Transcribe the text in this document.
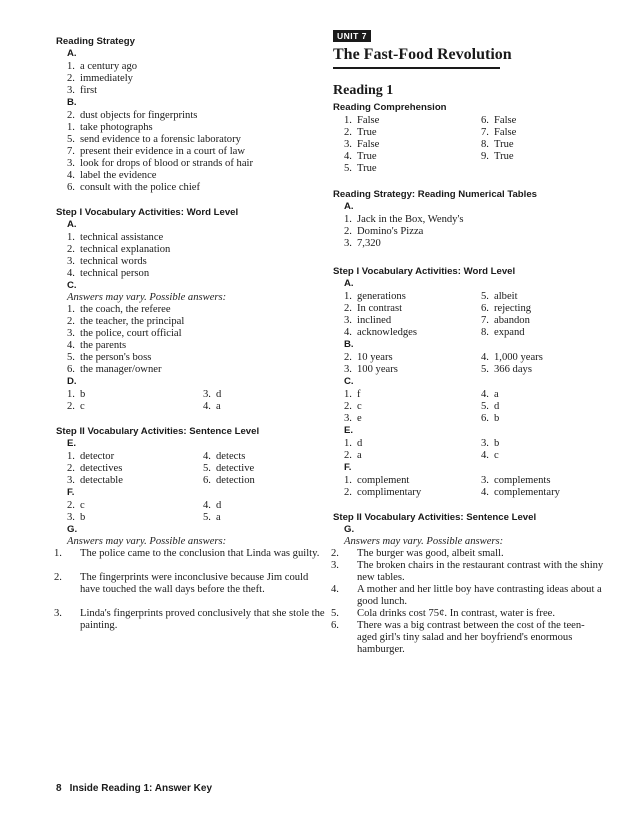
Reading Strategy
A.
1. a century ago
2. immediately
3. first
B.
2. dust objects for fingerprints
1. take photographs
5. send evidence to a forensic laboratory
7. present their evidence in a court of law
3. look for drops of blood or strands of hair
4. label the evidence
6. consult with the police chief
Step I Vocabulary Activities: Word Level
A.
1. technical assistance
2. technical explanation
3. technical words
4. technical person
C.
Answers may vary. Possible answers:
1. the coach, the referee
2. the teacher, the principal
3. the police, court official
4. the parents
5. the person's boss
6. the manager/owner
D.
1. b	3. d
2. c	4. a
Step II Vocabulary Activities: Sentence Level
E.
1. detector	4. detects
2. detectives	5. detective
3. detectable	6. detection
F.
2. c	4. d
3. b	5. a
G.
Answers may vary. Possible answers:
1. The police came to the conclusion that Linda was guilty.
2. The fingerprints were inconclusive because Jim could have touched the wall days before the theft.
3. Linda's fingerprints proved conclusively that she stole the painting.
UNIT 7
The Fast-Food Revolution
Reading 1
Reading Comprehension
1. False	6. False
2. True	7. False
3. False	8. True
4. True	9. True
5. True
Reading Strategy: Reading Numerical Tables
A.
1. Jack in the Box, Wendy's
2. Domino's Pizza
3. 7,320
Step I Vocabulary Activities: Word Level
A.
1. generations	5. albeit
2. In contrast	6. rejecting
3. inclined	7. abandon
4. acknowledges	8. expand
B.
2. 10 years	4. 1,000 years
3. 100 years	5. 366 days
C.
1. f	4. a
2. c	5. d
3. e	6. b
E.
1. d	3. b
2. a	4. c
F.
1. complement	3. complements
2. complimentary	4. complementary
Step II Vocabulary Activities: Sentence Level
G.
Answers may vary. Possible answers:
2. The burger was good, albeit small.
3. The broken chairs in the restaurant contrast with the shiny new tables.
4. A mother and her little boy have contrasting ideas about a good lunch.
5. Cola drinks cost 75¢. In contrast, water is free.
6. There was a big contrast between the cost of the teen-aged girl's tiny salad and her boyfriend's enormous hamburger.
8 Inside Reading 1: Answer Key
